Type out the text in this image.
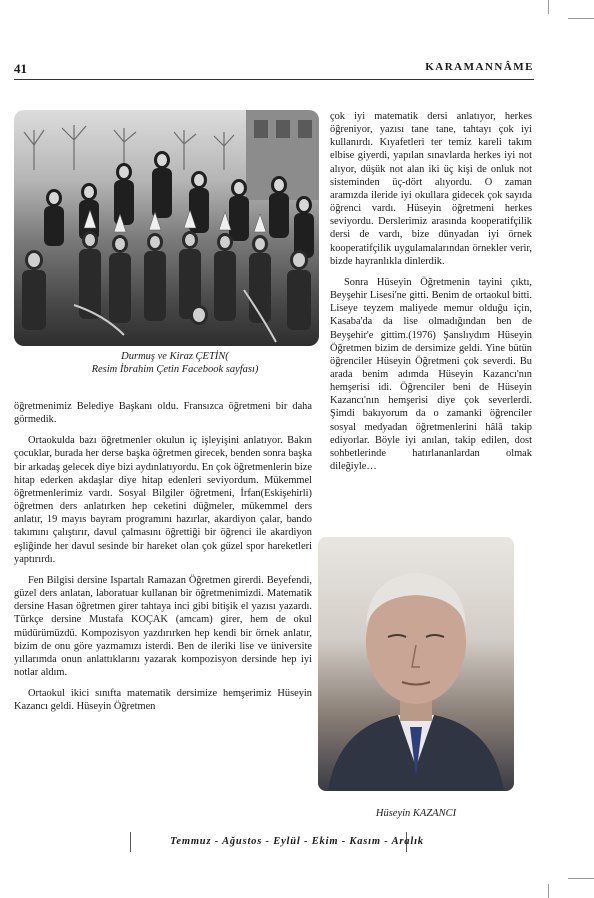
41	KARAMANNÂME
Durmuş ve Kiraz ÇETİN(
Resim İbrahim Çetin Facebook sayfası)

öğretmenimiz Belediye Başkanı oldu. Fransızca öğretmeni bir daha görmedik.

Ortaokulda bazı öğretmenler okulun iç işleyişini anlatıyor. Bakın çocuklar, burada her derse başka öğretmen girecek, benden sonra başka bir arkadaş gelecek diye bizi aydınlatıyordu. En çok öğretmenlerin bize hitap ederken akdaşlar diye hitap edenleri seviyordum. Mükemmel öğretmenlerimiz vardı. Sosyal Bilgiler öğretmeni, İrfan(Eskişehirli) öğretmen ders anlatırken hep ceketini düğmeler, mükemmel ders anlatır, 19 mayıs bayram programını hazırlar, akardiyon çalar, bando takımını çalıştırır, davul çalmasını öğrettiği bir öğrenci ile akardiyon eşliğinde her davul sesinde bir hareket olan çok güzel spor hareketleri yaptırırdı.

Fen Bilgisi dersine Ispartalı Ramazan Öğretmen girerdi. Beyefendi, güzel ders anlatan, laboratuar kullanan bir öğretmenimizdi. Matematik dersine Hasan öğretmen girer tahtaya inci gibi bitişik el yazısı yazardı. Türkçe dersine Mustafa KOÇAK (amcam) girer, hem de okul müdürümüzdü. Kompozisyon yazdırırken hep kendi bir örnek anlatır, bizim de onu göre yazmamızı isterdi. Ben de ileriki lise ve üniversite yıllarımda onun anlattıklarını yazarak kompozisyon dersinde hep iyi notlar aldım.

Ortaokul ikici sınıfta matematik dersimize hemşerimiz Hüseyin Kazancı geldi. Hüseyin Öğretmen

çok iyi matematik dersi anlatıyor, herkes öğreniyor, yazısı tane tane, tahtayı çok iyi kullanırdı. Kıyafetleri ter temiz kareli takım elbise giyerdi, yapılan sınavlarda herkes iyi not alıyor, düşük not alan iki üç kişi de onluk not sisteminden üç-dört alıyordu. O zaman aramızda ileride iyi okullara gidecek çok sayıda öğrenci vardı. Hüseyin öğretmeni herkes seviyordu. Derslerimiz arasında kooperatifçilik dersi de vardı, bize dünyadan iyi örnek kooperatifçilik uygulamalarından örnekler verir, bizde hayranlıkla dinlerdik.

Sonra Hüseyin Öğretmenin tayini çıktı, Beyşehir Lisesi'ne gitti. Benim de ortaokul bitti. Liseye teyzem maliyede memur olduğu için, Kasaba'da da lise olmadığından ben de Beyşehir'e gittim.(1976) Şanslıydım Hüseyin Öğretmen bizim de dersimize geldi. Yine bütün öğrenciler Hüseyin Öğretmeni çok severdi. Bu arada benim adımda Hüseyin Kazancı'nın hemşerisi idi. Öğrenciler beni de Hüseyin Kazancı'nın hemşerisi diye çok severlerdi. Şimdi bakıyorum da o zamanki öğrenciler sosyal medyadan öğretmenlerini hâlâ takip ediyorlar. Böyle iyi anılan, takip edilen, dost sohbetlerinde hatırlananlardan olmak dileğiyle…

Hüseyin KAZANCI
Temmuz - Ağustos - Eylül - Ekim - Kasım - Aralık
